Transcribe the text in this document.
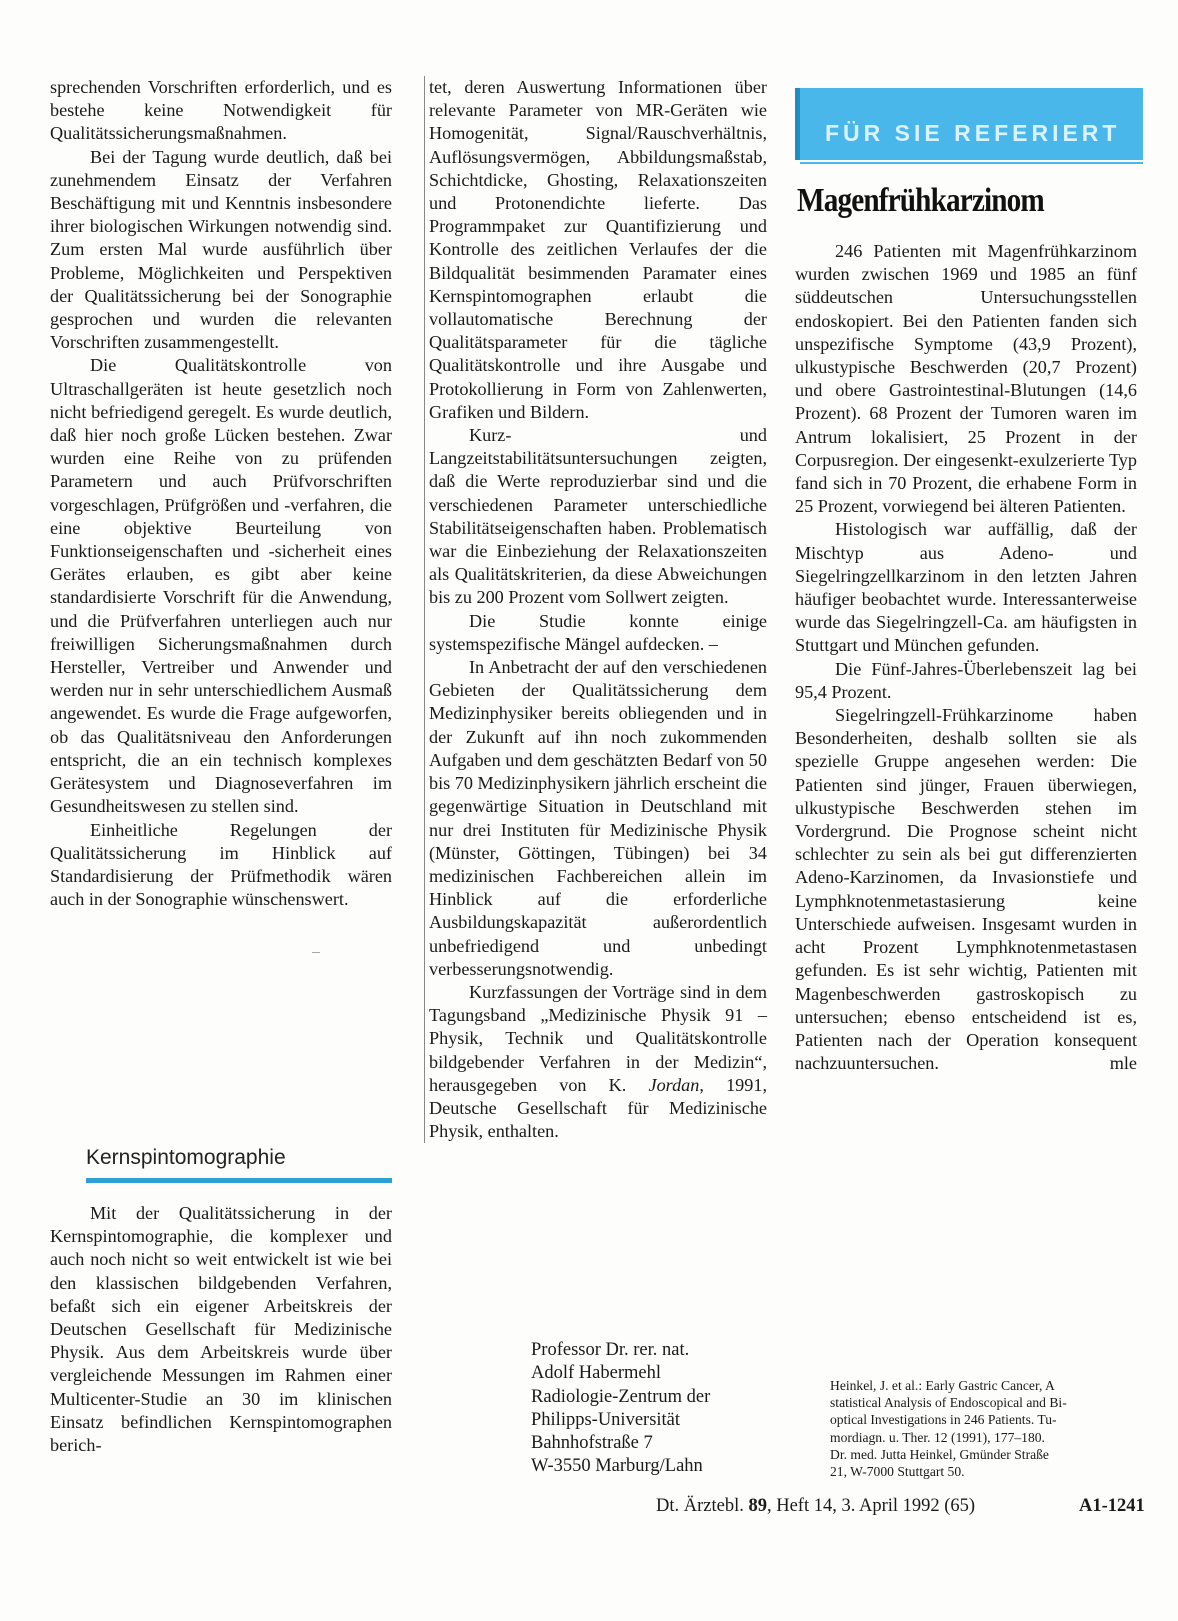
sprechenden Vorschriften erforderlich, und es bestehe keine Notwendigkeit für Qualitätssicherungsmaßnahmen.

Bei der Tagung wurde deutlich, daß bei zunehmendem Einsatz der Verfahren Beschäftigung mit und Kenntnis insbesondere ihrer biologischen Wirkungen notwendig sind. Zum ersten Mal wurde ausführlich über Probleme, Möglichkeiten und Perspektiven der Qualitätssicherung bei der Sonographie gesprochen und wurden die relevanten Vorschriften zusammengestellt.

Die Qualitätskontrolle von Ultraschallgeräten ist heute gesetzlich noch nicht befriedigend geregelt. Es wurde deutlich, daß hier noch große Lücken bestehen. Zwar wurden eine Reihe von zu prüfenden Parametern und auch Prüfvorschriften vorgeschlagen, Prüfgrößen und -verfahren, die eine objektive Beurteilung von Funktionseigenschaften und -sicherheit eines Gerätes erlauben, es gibt aber keine standardisierte Vorschrift für die Anwendung, und die Prüfverfahren unterliegen auch nur freiwilligen Sicherungsmaßnahmen durch Hersteller, Vertreiber und Anwender und werden nur in sehr unterschiedlichem Ausmaß angewendet. Es wurde die Frage aufgeworfen, ob das Qualitätsniveau den Anforderungen entspricht, die an ein technisch komplexes Gerätesystem und Diagnoseverfahren im Gesundheitswesen zu stellen sind.

Einheitliche Regelungen der Qualitätssicherung im Hinblick auf Standardisierung der Prüfmethodik wären auch in der Sonographie wünschenswert.

Kernspintomographie

Mit der Qualitätssicherung in der Kernspintomographie, die komplexer und auch noch nicht so weit entwickelt ist wie bei den klassischen bildgebenden Verfahren, befaßt sich ein eigener Arbeitskreis der Deutschen Gesellschaft für Medizinische Physik. Aus dem Arbeitskreis wurde über vergleichende Messungen im Rahmen einer Multicenter-Studie an 30 im klinischen Einsatz befindlichen Kernspintomographen berich-

tet, deren Auswertung Informationen über relevante Parameter von MR-Geräten wie Homogenität, Signal/Rauschverhältnis, Auflösungsvermögen, Abbildungsmaßstab, Schichtdicke, Ghosting, Relaxationszeiten und Protonendichte lieferte. Das Programmpaket zur Quantifizierung und Kontrolle des zeitlichen Verlaufes der die Bildqualität besimmenden Paramater eines Kernspintomographen erlaubt die vollautomatische Berechnung der Qualitätsparameter für die tägliche Qualitätskontrolle und ihre Ausgabe und Protokollierung in Form von Zahlenwerten, Grafiken und Bildern.

Kurz- und Langzeitstabilitätsuntersuchungen zeigten, daß die Werte reproduzierbar sind und die verschiedenen Parameter unterschiedliche Stabilitätseigenschaften haben. Problematisch war die Einbeziehung der Relaxationszeiten als Qualitätskriterien, da diese Abweichungen bis zu 200 Prozent vom Sollwert zeigten.

Die Studie konnte einige systemspezifische Mängel aufdecken. –

In Anbetracht der auf den verschiedenen Gebieten der Qualitätssicherung dem Medizinphysiker bereits obliegenden und in der Zukunft auf ihn noch zukommenden Aufgaben und dem geschätzten Bedarf von 50 bis 70 Medizinphysikern jährlich erscheint die gegenwärtige Situation in Deutschland mit nur drei Instituten für Medizinische Physik (Münster, Göttingen, Tübingen) bei 34 medizinischen Fachbereichen allein im Hinblick auf die erforderliche Ausbildungskapazität außerordentlich unbefriedigend und unbedingt verbesserungsnotwendig.

Kurzfassungen der Vorträge sind in dem Tagungsband „Medizinische Physik 91 – Physik, Technik und Qualitätskontrolle bildgebender Verfahren in der Medizin“, herausgegeben von K. Jordan, 1991, Deutsche Gesellschaft für Medizinische Physik, enthalten.

Professor Dr. rer. nat.
Adolf Habermehl
Radiologie-Zentrum der
Philipps-Universität
Bahnhofstraße 7
W-3550 Marburg/Lahn
FÜR SIE REFERIERT
Magenfrühkarzinom

246 Patienten mit Magenfrühkarzinom wurden zwischen 1969 und 1985 an fünf süddeutschen Untersuchungsstellen endoskopiert. Bei den Patienten fanden sich unspezifische Symptome (43,9 Prozent), ulkustypische Beschwerden (20,7 Prozent) und obere Gastrointestinal-Blutungen (14,6 Prozent). 68 Prozent der Tumoren waren im Antrum lokalisiert, 25 Prozent in der Corpusregion. Der eingesenkt-exulzerierte Typ fand sich in 70 Prozent, die erhabene Form in 25 Prozent, vorwiegend bei älteren Patienten.

Histologisch war auffällig, daß der Mischtyp aus Adeno- und Siegelringzellkarzinom in den letzten Jahren häufiger beobachtet wurde. Interessanterweise wurde das Siegelringzell-Ca. am häufigsten in Stuttgart und München gefunden.

Die Fünf-Jahres-Überlebenszeit lag bei 95,4 Prozent.

Siegelringzell-Frühkarzinome haben Besonderheiten, deshalb sollten sie als spezielle Gruppe angesehen werden: Die Patienten sind jünger, Frauen überwiegen, ulkustypische Beschwerden stehen im Vordergrund. Die Prognose scheint nicht schlechter zu sein als bei gut differenzierten Adeno-Karzinomen, da Invasionstiefe und Lymphknotenmetastasierung keine Unterschiede aufweisen. Insgesamt wurden in acht Prozent Lymphknotenmetastasen gefunden. Es ist sehr wichtig, Patienten mit Magenbeschwerden gastroskopisch zu untersuchen; ebenso entscheidend ist es, Patienten nach der Operation konsequent nachzuuntersuchen.	mle

Heinkel, J. et al.: Early Gastric Cancer, A
statistical Analysis of Endoscopical and Bi-
optical Investigations in 246 Patients. Tu-
mordiagn. u. Ther. 12 (1991), 177–180.
Dr. med. Jutta Heinkel, Gmünder Straße
21, W-7000 Stuttgart 50.
Dt. Ärztebl. 89, Heft 14, 3. April 1992 (65)	A1-1241
